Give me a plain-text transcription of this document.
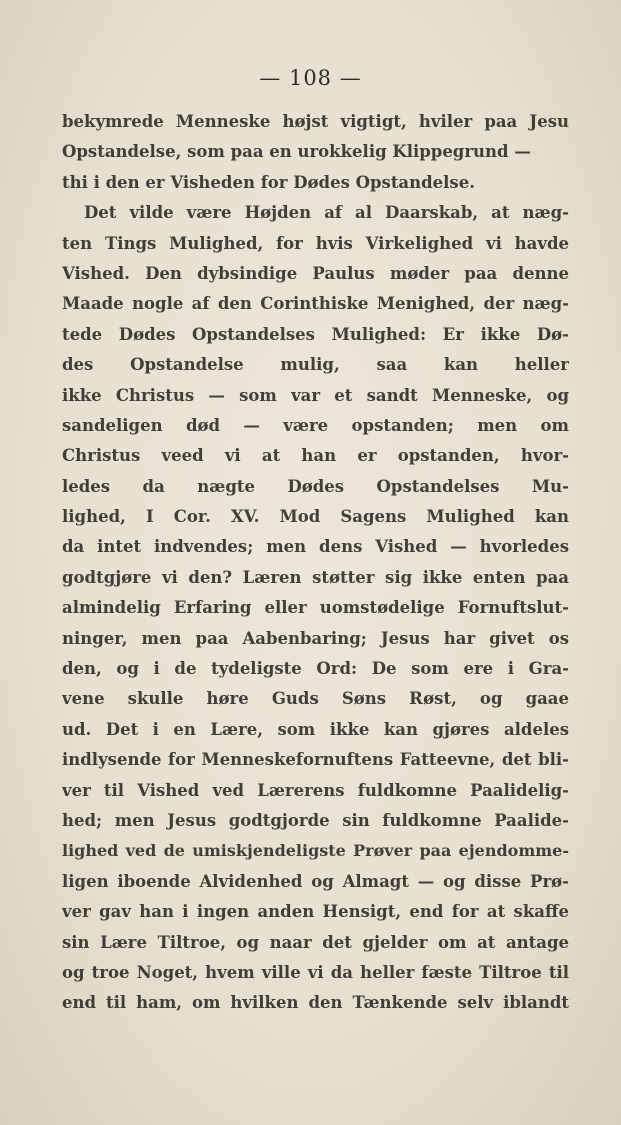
— 108 —
bekymrede Menneske højst vigtigt, hviler paa Jesu
Opstandelse, som paa en urokkelig Klippegrund —
thi i den er Visheden for Dødes Opstandelse.
Det vilde være Højden af al Daarskab, at næg-
ten Tings Mulighed, for hvis Virkelighed vi havde
Vished. Den dybsindige Paulus møder paa denne
Maade nogle af den Corinthiske Menighed, der næg-
tede Dødes Opstandelses Mulighed: Er ikke Dø-
des Opstandelse mulig, saa kan heller
ikke Christus — som var et sandt Menneske, og
sandeligen død — være opstanden; men om
Christus veed vi at han er opstanden, hvor-
ledes da nægte Dødes Opstandelses Mu-
lighed, I Cor. XV. Mod Sagens Mulighed kan
da intet indvendes; men dens Vished — hvorledes
godtgjøre vi den? Læren støtter sig ikke enten paa
almindelig Erfaring eller uomstødelige Fornuftslut-
ninger, men paa Aabenbaring; Jesus har givet os
den, og i de tydeligste Ord: De som ere i Gra-
vene skulle høre Guds Søns Røst, og gaae
ud. Det i en Lære, som ikke kan gjøres aldeles
indlysende for Menneskefornuftens Fatteevne, det bli-
ver til Vished ved Lærerens fuldkomne Paalidelig-
hed; men Jesus godtgjorde sin fuldkomne Paalide-
lighed ved de umiskjendeligste Prøver paa ejendomme-
ligen iboende Alvidenhed og Almagt — og disse Prø-
ver gav han i ingen anden Hensigt, end for at skaffe
sin Lære Tiltroe, og naar det gjelder om at antage
og troe Noget, hvem ville vi da heller fæste Tiltroe til
end til ham, om hvilken den Tænkende selv iblandt
